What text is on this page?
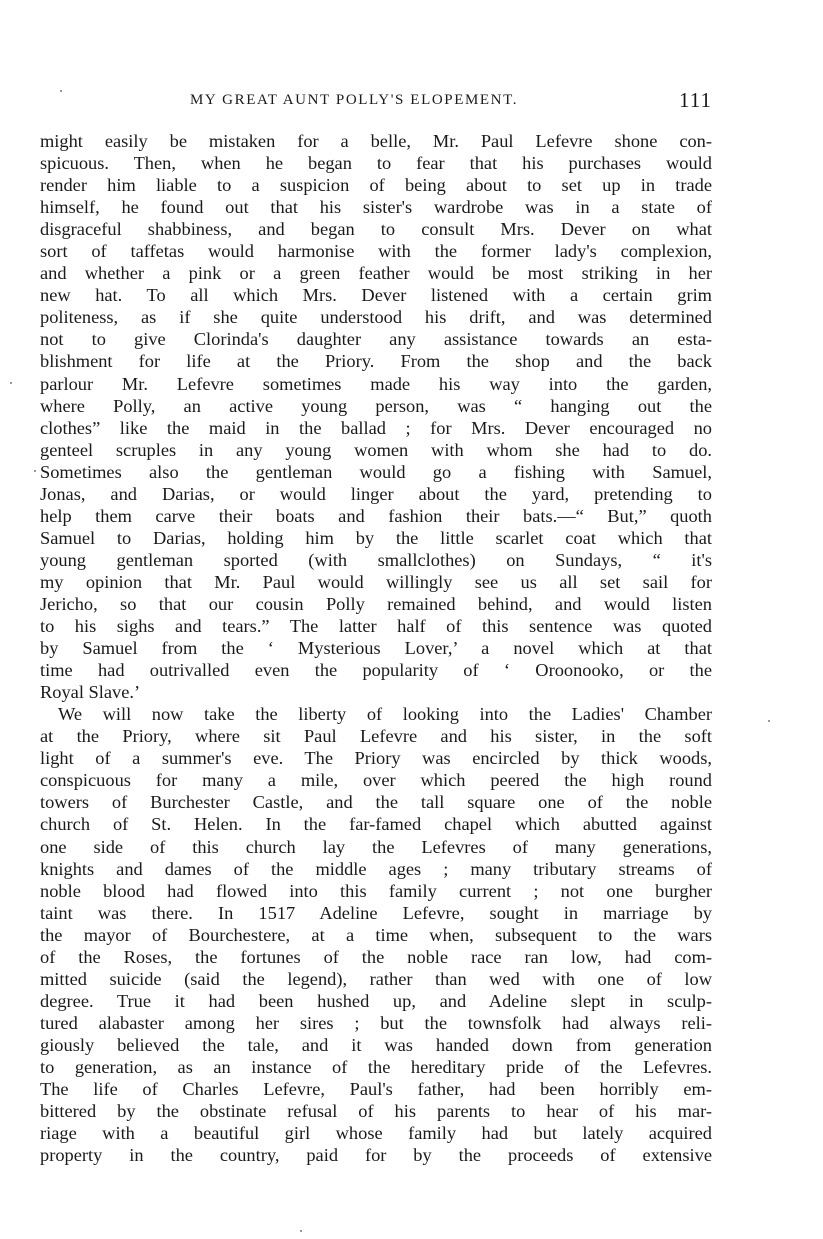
MY GREAT AUNT POLLY'S ELOPEMENT.	111
might easily be mistaken for a belle, Mr. Paul Lefevre shone con-
spicuous. Then, when he began to fear that his purchases would
render him liable to a suspicion of being about to set up in trade
himself, he found out that his sister's wardrobe was in a state of
disgraceful shabbiness, and began to consult Mrs. Dever on what
sort of taffetas would harmonise with the former lady's complexion,
and whether a pink or a green feather would be most striking in her
new hat. To all which Mrs. Dever listened with a certain grim
politeness, as if she quite understood his drift, and was determined
not to give Clorinda's daughter any assistance towards an esta-
blishment for life at the Priory. From the shop and the back
parlour Mr. Lefevre sometimes made his way into the garden,
where Polly, an active young person, was “ hanging out the
clothes” like the maid in the ballad ; for Mrs. Dever encouraged no
genteel scruples in any young women with whom she had to do.
Sometimes also the gentleman would go a fishing with Samuel,
Jonas, and Darias, or would linger about the yard, pretending to
help them carve their boats and fashion their bats.—“ But,” quoth
Samuel to Darias, holding him by the little scarlet coat which that
young gentleman sported (with smallclothes) on Sundays, “ it's
my opinion that Mr. Paul would willingly see us all set sail for
Jericho, so that our cousin Polly remained behind, and would listen
to his sighs and tears.” The latter half of this sentence was quoted
by Samuel from the ‘ Mysterious Lover,’ a novel which at that
time had outrivalled even the popularity of ‘ Oroonooko, or the
Royal Slave.’
We will now take the liberty of looking into the Ladies' Chamber
at the Priory, where sit Paul Lefevre and his sister, in the soft
light of a summer's eve. The Priory was encircled by thick woods,
conspicuous for many a mile, over which peered the high round
towers of Burchester Castle, and the tall square one of the noble
church of St. Helen. In the far-famed chapel which abutted against
one side of this church lay the Lefevres of many generations,
knights and dames of the middle ages ; many tributary streams of
noble blood had flowed into this family current ; not one burgher
taint was there. In 1517 Adeline Lefevre, sought in marriage by
the mayor of Bourchestere, at a time when, subsequent to the wars
of the Roses, the fortunes of the noble race ran low, had com-
mitted suicide (said the legend), rather than wed with one of low
degree. True it had been hushed up, and Adeline slept in sculp-
tured alabaster among her sires ; but the townsfolk had always reli-
giously believed the tale, and it was handed down from generation
to generation, as an instance of the hereditary pride of the Lefevres.
The life of Charles Lefevre, Paul's father, had been horribly em-
bittered by the obstinate refusal of his parents to hear of his mar-
riage with a beautiful girl whose family had but lately acquired
property in the country, paid for by the proceeds of extensive
